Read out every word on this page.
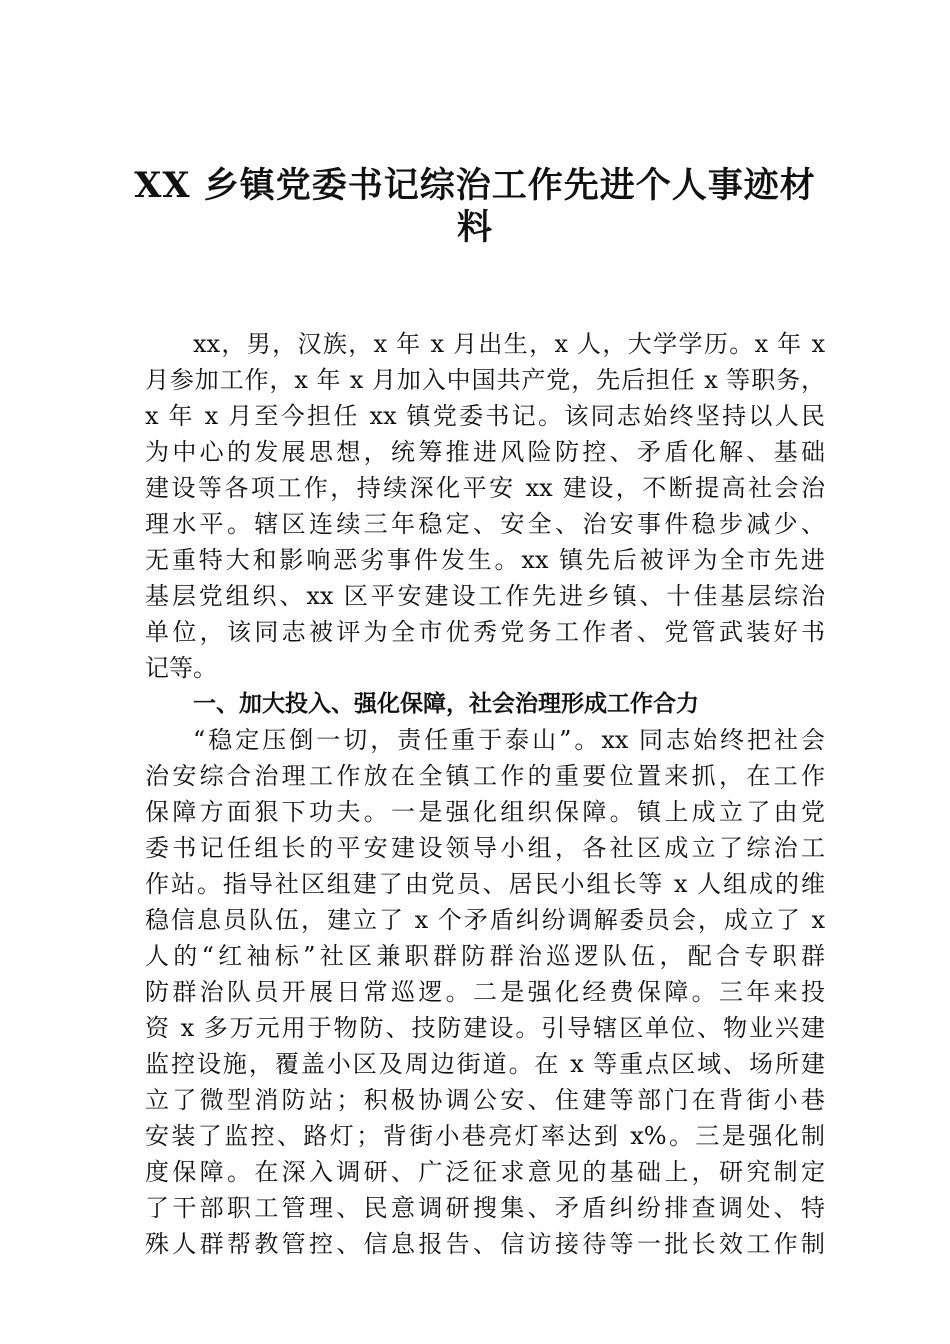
XX 乡镇党委书记综治工作先进个人事迹材
料
xx，男，汉族，x 年 x 月出生，x 人，大学学历。x 年 x
月参加工作，x 年 x 月加入中国共产党，先后担任 x 等职务，
x 年 x 月至今担任 xx 镇党委书记。该同志始终坚持以人民
为中心的发展思想，统筹推进风险防控、矛盾化解、基础
建设等各项工作，持续深化平安 xx 建设，不断提高社会治
理水平。辖区连续三年稳定、安全、治安事件稳步减少、
无重特大和影响恶劣事件发生。xx 镇先后被评为全市先进
基层党组织、xx 区平安建设工作先进乡镇、十佳基层综治
单位，该同志被评为全市优秀党务工作者、党管武装好书
记等。
一、加大投入、强化保障，社会治理形成工作合力
“稳定压倒一切，责任重于泰山”。xx 同志始终把社会
治安综合治理工作放在全镇工作的重要位置来抓，在工作
保障方面狠下功夫。一是强化组织保障。镇上成立了由党
委书记任组长的平安建设领导小组，各社区成立了综治工
作站。指导社区组建了由党员、居民小组长等 x 人组成的维
稳信息员队伍，建立了 x 个矛盾纠纷调解委员会，成立了 x
人的“红袖标”社区兼职群防群治巡逻队伍，配合专职群
防群治队员开展日常巡逻。二是强化经费保障。三年来投
资 x 多万元用于物防、技防建设。引导辖区单位、物业兴建
监控设施，覆盖小区及周边街道。在 x 等重点区域、场所建
立了微型消防站；积极协调公安、住建等部门在背街小巷
安装了监控、路灯；背街小巷亮灯率达到 x%。三是强化制
度保障。在深入调研、广泛征求意见的基础上，研究制定
了干部职工管理、民意调研搜集、矛盾纠纷排查调处、特
殊人群帮教管控、信息报告、信访接待等一批长效工作制
